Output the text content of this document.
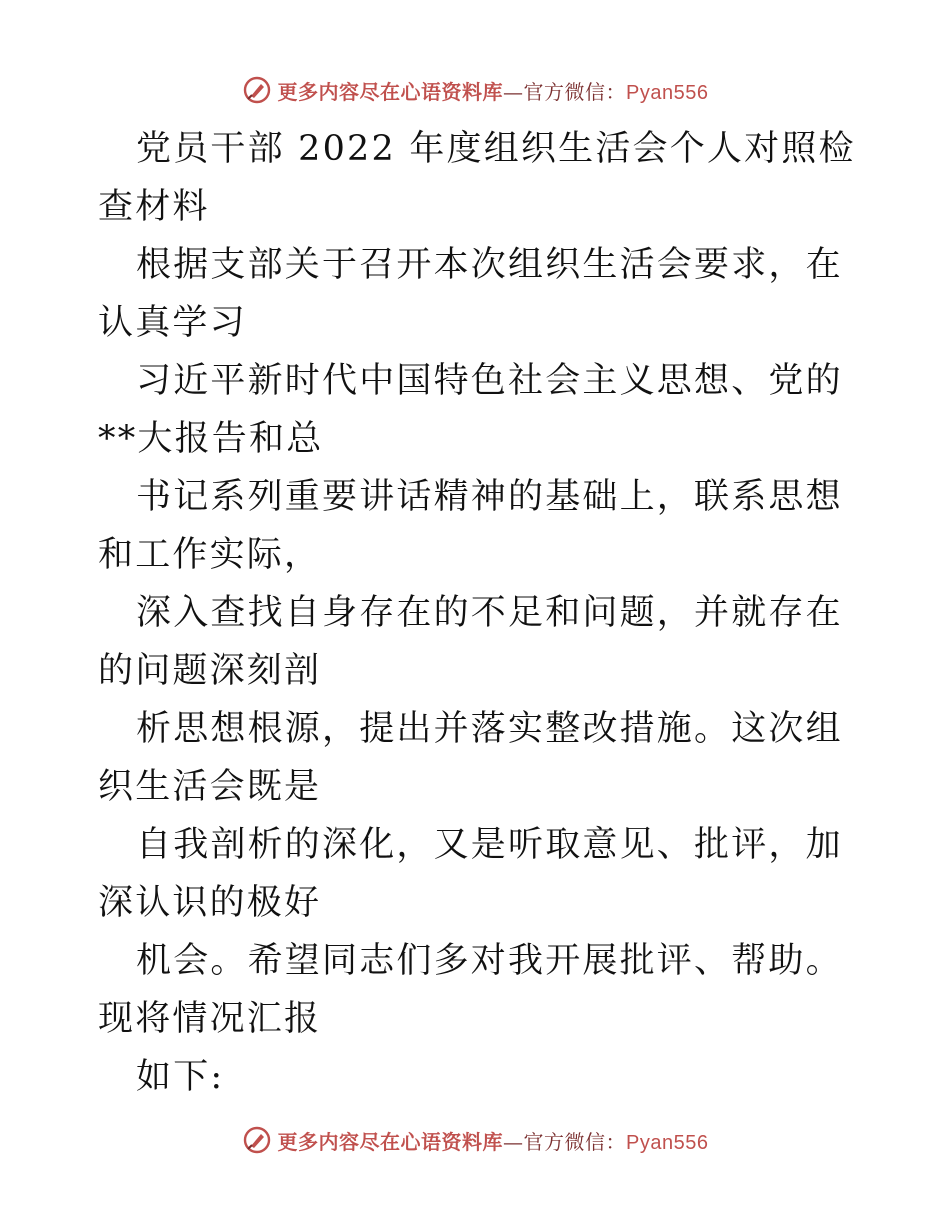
更多内容尽在心语资料库—官方微信：Pyan556

党员干部 2022 年度组织生活会个人对照检查材料

根据支部关于召开本次组织生活会要求，在认真学习

习近平新时代中国特色社会主义思想、党的**大报告和总

书记系列重要讲话精神的基础上，联系思想和工作实际，

深入查找自身存在的不足和问题，并就存在的问题深刻剖

析思想根源，提出并落实整改措施。这次组织生活会既是

自我剖析的深化，又是听取意见、批评，加深认识的极好

机会。希望同志们多对我开展批评、帮助。现将情况汇报

如下:

更多内容尽在心语资料库—官方微信：Pyan556
